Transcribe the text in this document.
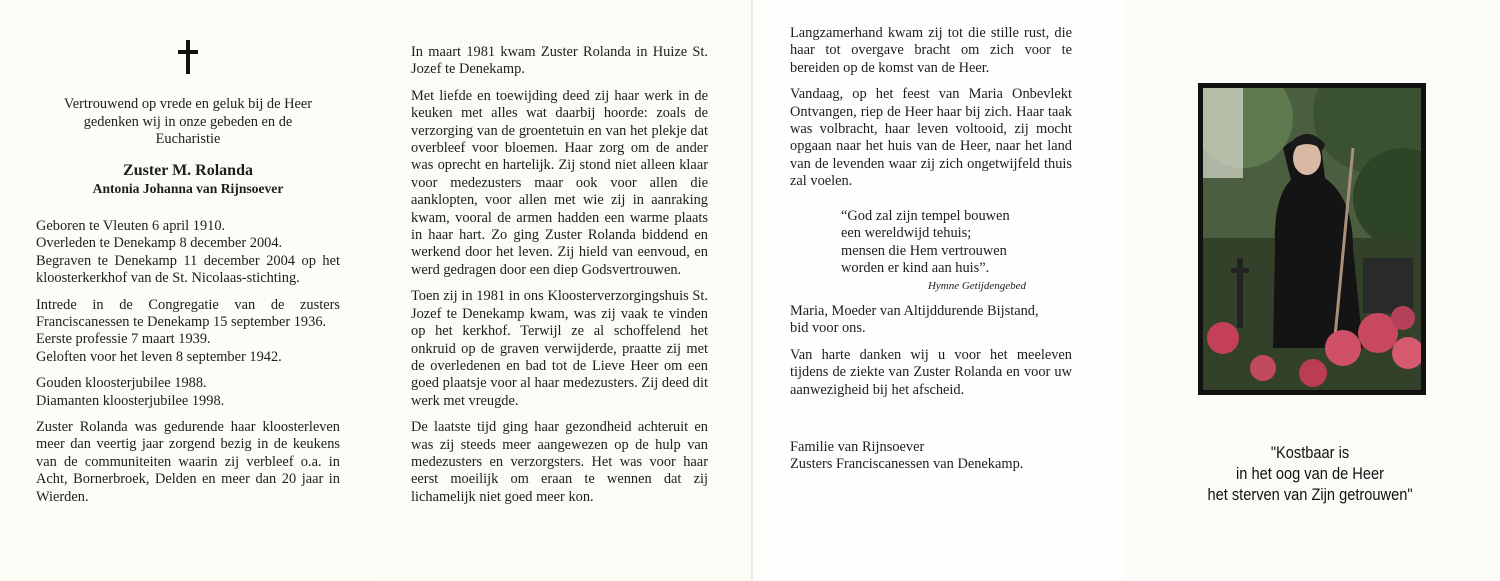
Vertrouwend op vrede en geluk bij de Heer
gedenken wij in onze gebeden en de
Eucharistie
Zuster M. Rolanda
Antonia Johanna van Rijnsoever

Geboren te Vleuten 6 april 1910.

Overleden te Denekamp 8 december 2004.

Begraven te Denekamp 11 december 2004 op het kloosterkerkhof van de St. Nicolaas-stichting.

Intrede in de Congregatie van de zusters Franciscanessen te Denekamp 15 september 1936.

Eerste professie 7 maart 1939.

Geloften voor het leven 8 september 1942.

Gouden kloosterjubilee 1988.

Diamanten kloosterjubilee 1998.

Zuster Rolanda was gedurende haar kloosterleven meer dan veertig jaar zorgend bezig in de keukens van de communiteiten waarin zij verbleef o.a. in Acht, Bornerbroek, Delden en meer dan 20 jaar in Wierden.

In maart 1981 kwam Zuster Rolanda in Huize St. Jozef te Denekamp.

Met liefde en toewijding deed zij haar werk in de keuken met alles wat daarbij hoorde: zoals de verzorging van de groentetuin en van het plekje dat overbleef voor bloemen. Haar zorg om de ander was oprecht en hartelijk. Zij stond niet alleen klaar voor medezusters maar ook voor allen die aanklopten, voor allen met wie zij in aanraking kwam, vooral de armen hadden een warme plaats in haar hart. Zo ging Zuster Rolanda biddend en werkend door het leven. Zij hield van eenvoud, en werd gedragen door een diep Godsvertrouwen.

Toen zij in 1981 in ons Kloosterverzorgingshuis St. Jozef te Denekamp kwam, was zij vaak te vinden op het kerkhof. Terwijl ze al schoffelend het onkruid op de graven verwijderde, praatte zij met de overledenen en bad tot de Lieve Heer om een goed plaatsje voor al haar medezusters. Zij deed dit werk met vreugde.

De laatste tijd ging haar gezondheid achteruit en was zij steeds meer aangewezen op de hulp van medezusters en verzorgsters. Het was voor haar eerst moeilijk om eraan te wennen dat zij lichamelijk niet goed meer kon.

Langzamerhand kwam zij tot die stille rust, die haar tot overgave bracht om zich voor te bereiden op de komst van de Heer.

Vandaag, op het feest van Maria Onbevlekt Ontvangen, riep de Heer haar bij zich. Haar taak was volbracht, haar leven voltooid, zij mocht opgaan naar het huis van de Heer, naar het land van de levenden waar zij zich ongetwijfeld thuis zal voelen.

“God zal zijn tempel bouwen
een wereldwijd tehuis;
mensen die Hem vertrouwen
worden er kind aan huis”.
Hymne Getijdengebed

Maria, Moeder van Altijddurende Bijstand,

bid voor ons.

Van harte danken wij u voor het meeleven tijdens de ziekte van Zuster Rolanda en voor uw aanwezigheid bij het afscheid.

Familie van Rijnsoever

Zusters Franciscanessen van Denekamp.

"Kostbaar is
in het oog van de Heer
het sterven van Zijn getrouwen"
